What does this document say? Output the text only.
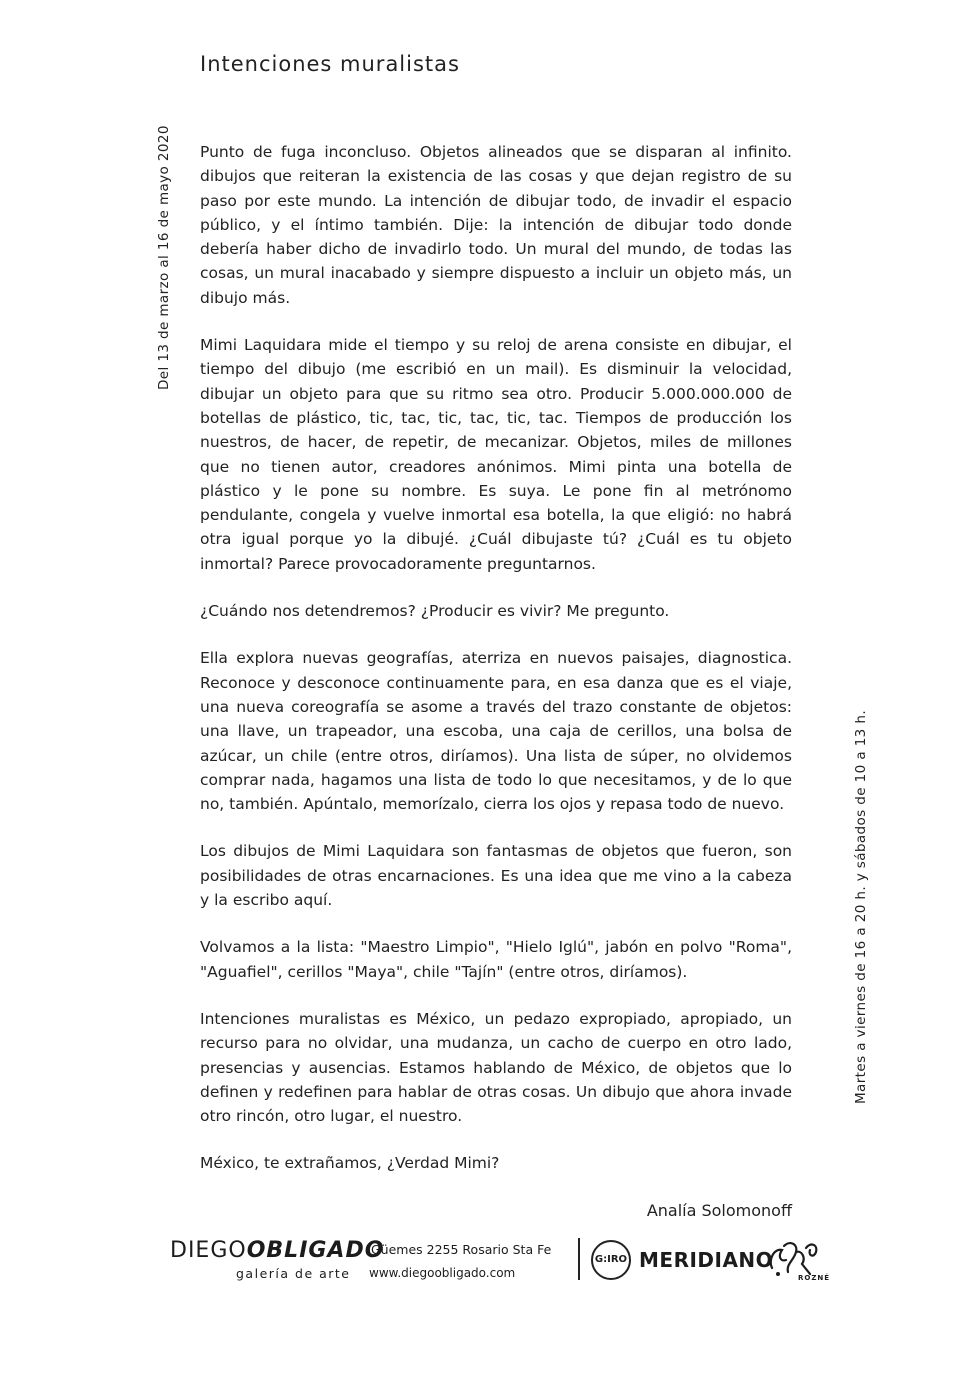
Intenciones muralistas
Del 13 de marzo al 16 de mayo 2020
Martes a viernes de 16 a 20 h. y sábados de 10 a 13 h.

Punto de fuga inconcluso. Objetos alineados que se disparan al infinito. dibujos que reiteran la existencia de las cosas y que dejan registro de su paso por este mundo. La intención de dibujar todo, de invadir el espacio público, y el íntimo también. Dije: la intención de dibujar todo donde debería haber dicho de invadirlo todo. Un mural del mundo, de todas las cosas, un mural inacabado y siempre dispuesto a incluir un objeto más, un dibujo más.

Mimi Laquidara mide el tiempo y su reloj de arena consiste en dibujar, el tiempo del dibujo (me escribió en un mail). Es disminuir la velocidad, dibujar un objeto para que su ritmo sea otro. Producir 5.000.000.000 de botellas de plástico, tic, tac, tic, tac, tic, tac. Tiempos de producción los nuestros, de hacer, de repetir, de mecanizar. Objetos, miles de millones que no tienen autor, creadores anónimos. Mimi pinta una botella de plástico y le pone su nombre. Es suya. Le pone fin al metrónomo pendulante, congela y vuelve inmortal esa botella, la que eligió: no habrá otra igual porque yo la dibujé. ¿Cuál dibujaste tú? ¿Cuál es tu objeto inmortal? Parece provocadoramente preguntarnos.

¿Cuándo nos detendremos? ¿Producir es vivir? Me pregunto.

Ella explora nuevas geografías, aterriza en nuevos paisajes, diagnostica. Reconoce y desconoce continuamente para, en esa danza que es el viaje, una nueva coreografía se asome a través del trazo constante de objetos: una llave, un trapeador, una escoba, una caja de cerillos, una bolsa de azúcar, un chile (entre otros, diríamos). Una lista de súper, no olvidemos comprar nada, hagamos una lista de todo lo que necesitamos, y de lo que no, también. Apúntalo, memorízalo, cierra los ojos y repasa todo de nuevo.

Los dibujos de Mimi Laquidara son fantasmas de objetos que fueron, son posibilidades de otras encarnaciones. Es una idea que me vino a la cabeza y la escribo aquí.

Volvamos a la lista: "Maestro Limpio", "Hielo Iglú", jabón en polvo "Roma", "Aguafiel", cerillos "Maya", chile "Tajín" (entre otros, diríamos).

Intenciones muralistas es México, un pedazo expropiado, apropiado, un recurso para no olvidar, una mudanza, un cacho de cuerpo en otro lado, presencias y ausencias. Estamos hablando de México, de objetos que lo definen y redefinen para hablar de otras cosas. Un dibujo que ahora invade otro rincón, otro lugar, el nuestro.

México, te extrañamos, ¿Verdad Mimi?

Analía Solomonoff

DIEGOOBLIGADO
galería de arte
Güemes 2255 Rosario Sta Fe
www.diegoobligado.com
G:IRO MERIDIANO
ROZNÉ
